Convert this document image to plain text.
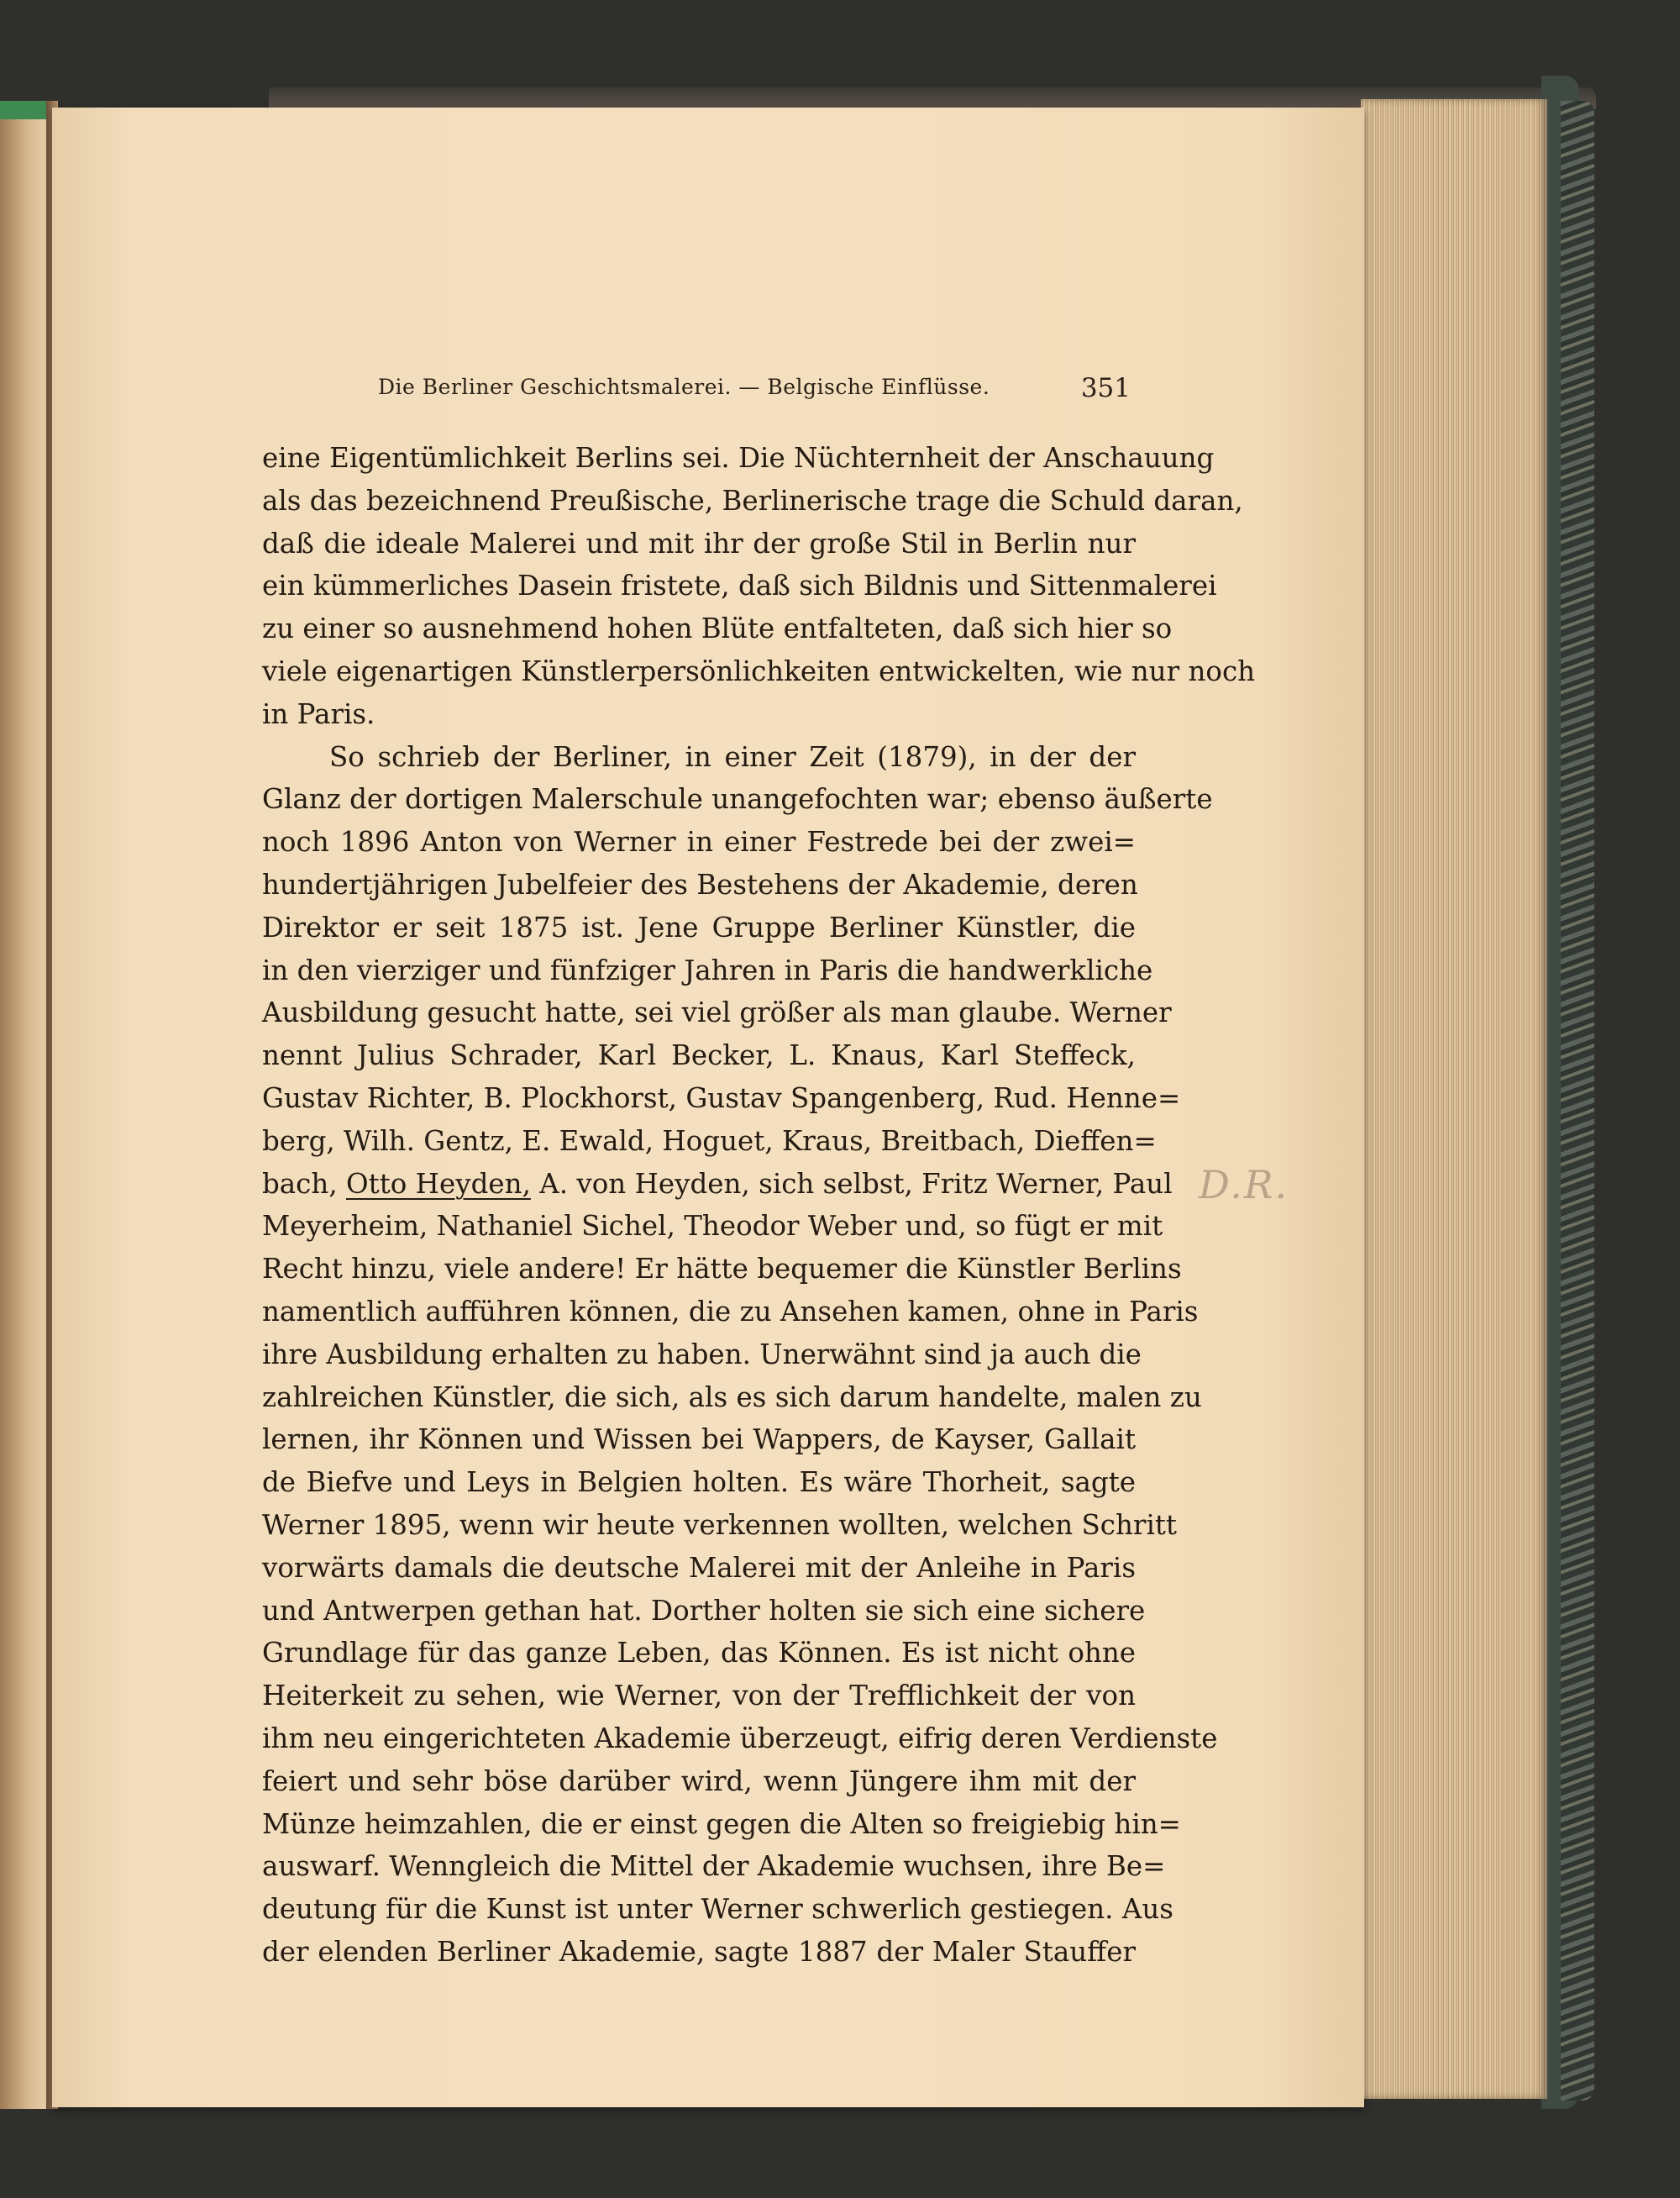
Die Berliner Geschichtsmalerei. — Belgische Einflüsse.	351
eine Eigentümlichkeit Berlins sei. Die Nüchternheit der Anschauung
als das bezeichnend Preußische, Berlinerische trage die Schuld daran,
daß die ideale Malerei und mit ihr der große Stil in Berlin nur
ein kümmerliches Dasein fristete, daß sich Bildnis und Sittenmalerei
zu einer so ausnehmend hohen Blüte entfalteten, daß sich hier so
viele eigenartigen Künstlerpersönlichkeiten entwickelten, wie nur noch
in Paris.
So schrieb der Berliner, in einer Zeit (1879), in der der
Glanz der dortigen Malerschule unangefochten war; ebenso äußerte
noch 1896 Anton von Werner in einer Festrede bei der zwei=
hundertjährigen Jubelfeier des Bestehens der Akademie, deren
Direktor er seit 1875 ist. Jene Gruppe Berliner Künstler, die
in den vierziger und fünfziger Jahren in Paris die handwerkliche
Ausbildung gesucht hatte, sei viel größer als man glaube. Werner
nennt Julius Schrader, Karl Becker, L. Knaus, Karl Steffeck,
Gustav Richter, B. Plockhorst, Gustav Spangenberg, Rud. Henne=
berg, Wilh. Gentz, E. Ewald, Hoguet, Kraus, Breitbach, Dieffen=
bach, Otto Heyden, A. von Heyden, sich selbst, Fritz Werner, Paul
Meyerheim, Nathaniel Sichel, Theodor Weber und, so fügt er mit
Recht hinzu, viele andere! Er hätte bequemer die Künstler Berlins
namentlich aufführen können, die zu Ansehen kamen, ohne in Paris
ihre Ausbildung erhalten zu haben. Unerwähnt sind ja auch die
zahlreichen Künstler, die sich, als es sich darum handelte, malen zu
lernen, ihr Können und Wissen bei Wappers, de Kayser, Gallait
de Biefve und Leys in Belgien holten. Es wäre Thorheit, sagte
Werner 1895, wenn wir heute verkennen wollten, welchen Schritt
vorwärts damals die deutsche Malerei mit der Anleihe in Paris
und Antwerpen gethan hat. Dorther holten sie sich eine sichere
Grundlage für das ganze Leben, das Können. Es ist nicht ohne
Heiterkeit zu sehen, wie Werner, von der Trefflichkeit der von
ihm neu eingerichteten Akademie überzeugt, eifrig deren Verdienste
feiert und sehr böse darüber wird, wenn Jüngere ihm mit der
Münze heimzahlen, die er einst gegen die Alten so freigiebig hin=
auswarf. Wenngleich die Mittel der Akademie wuchsen, ihre Be=
deutung für die Kunst ist unter Werner schwerlich gestiegen. Aus
der elenden Berliner Akademie, sagte 1887 der Maler Stauffer
D.R.
